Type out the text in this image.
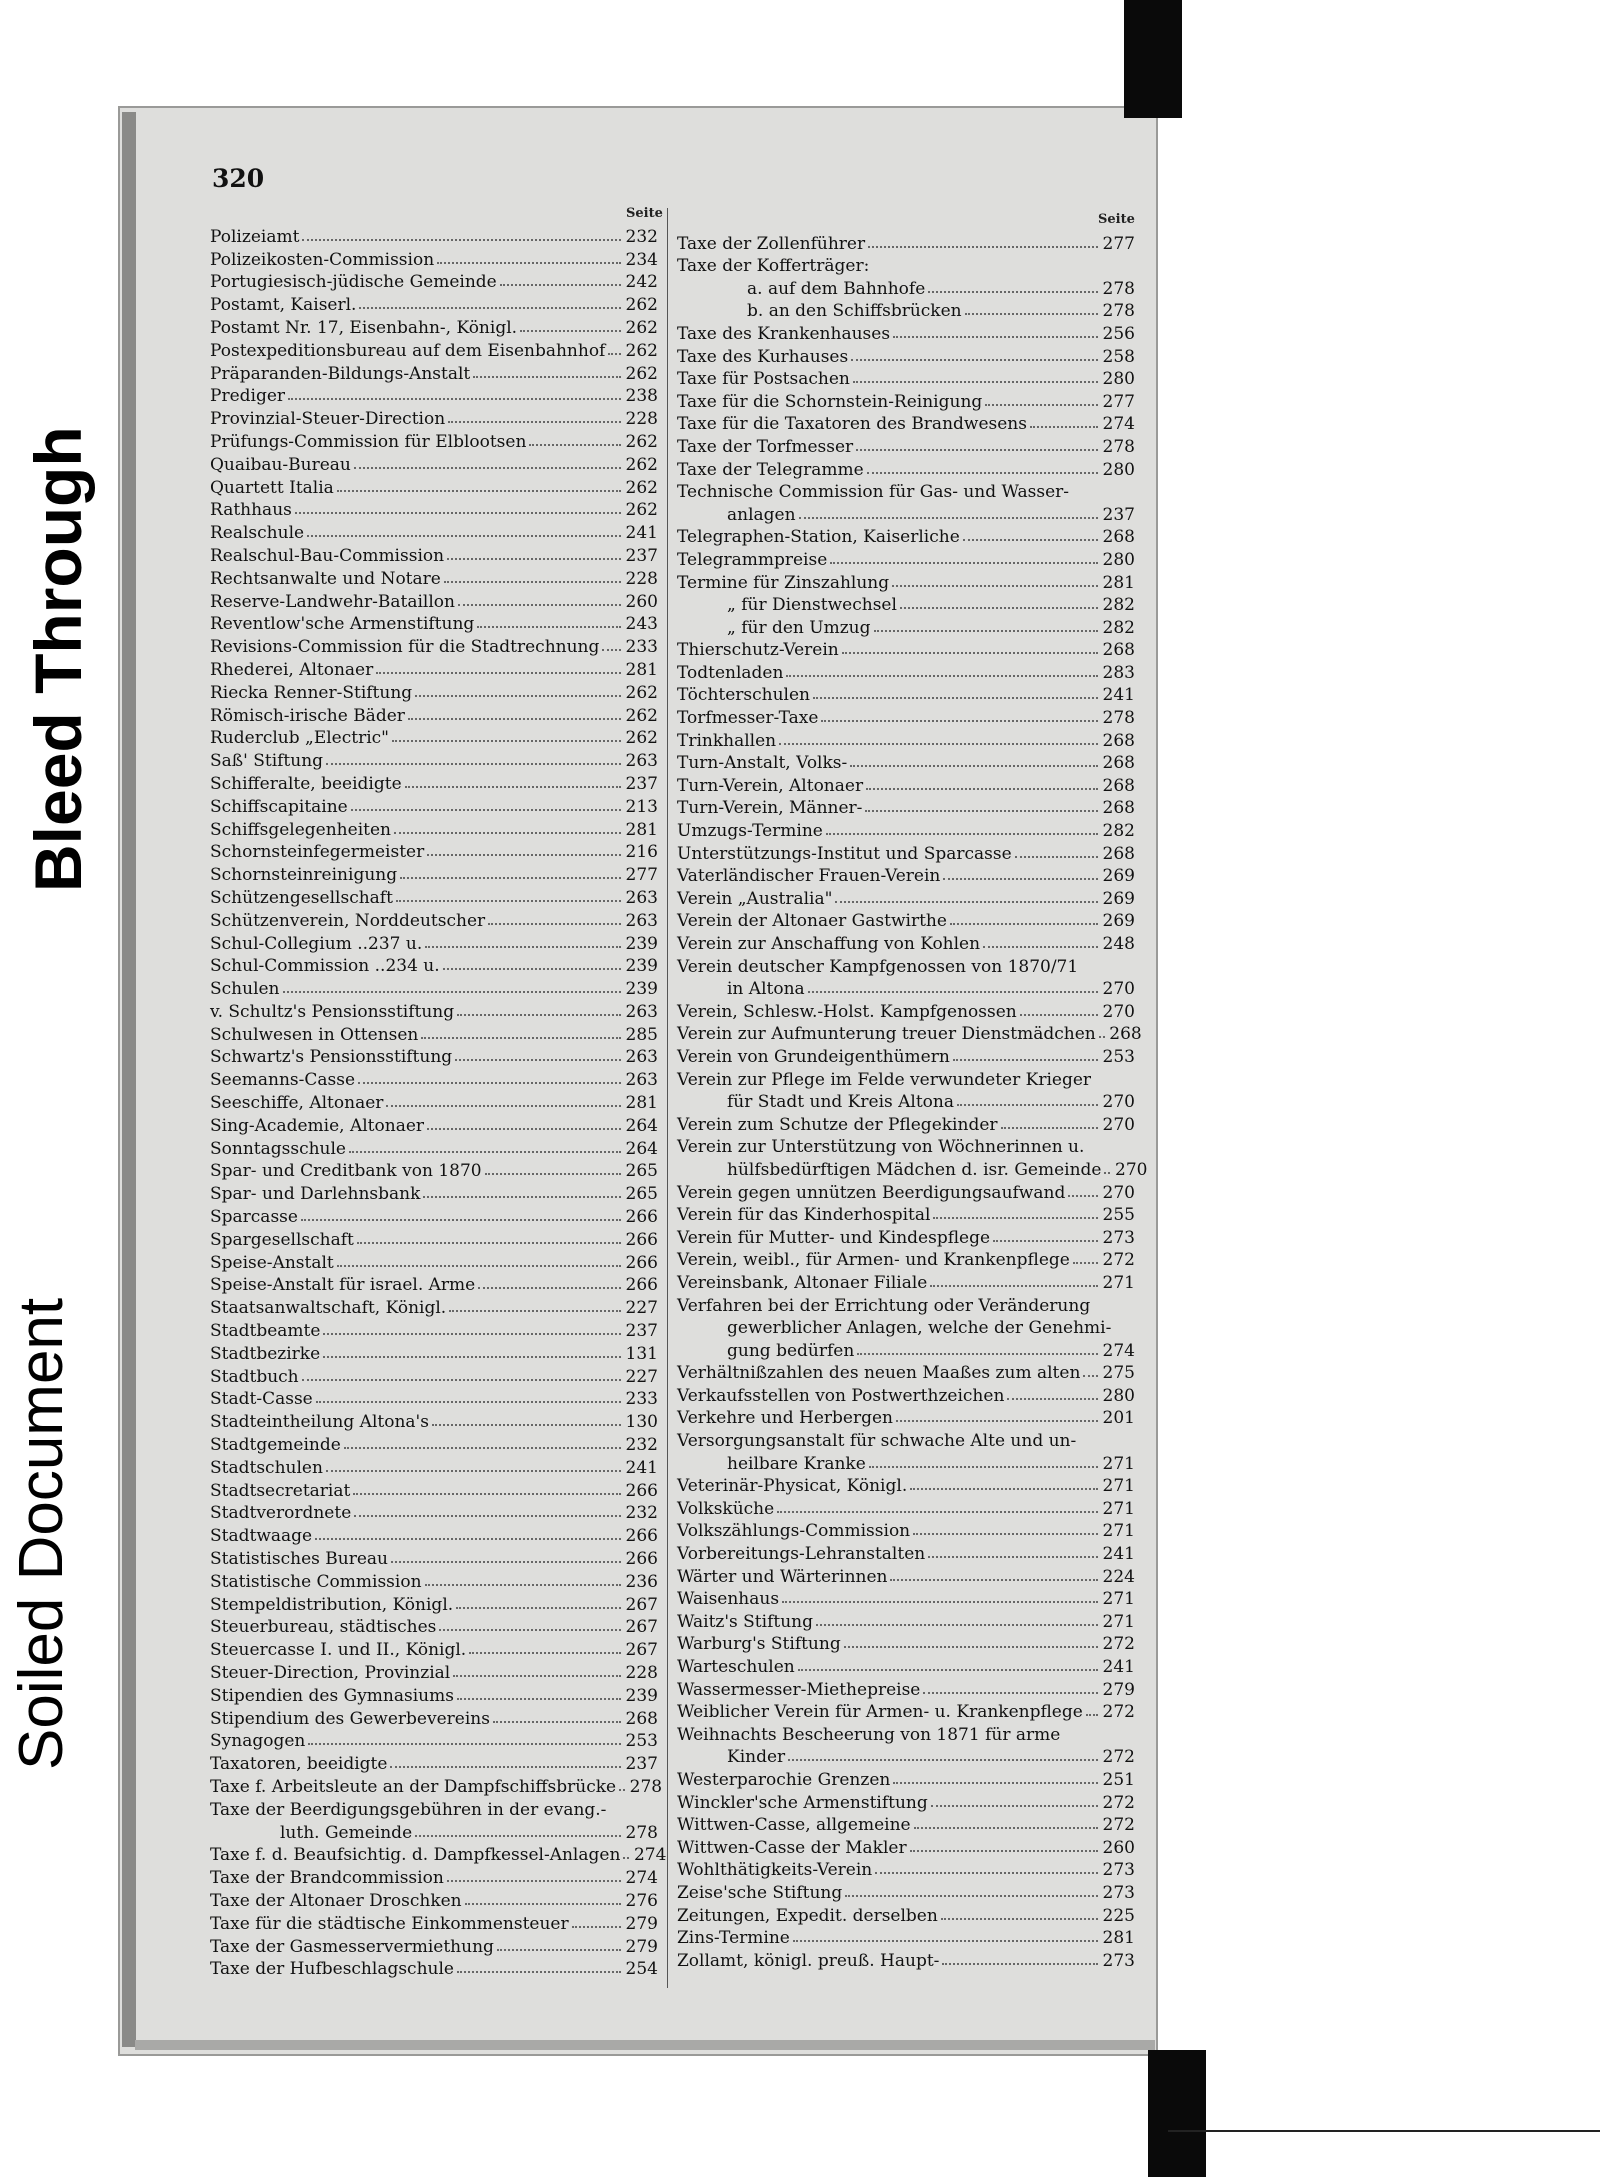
Bleed Through
Soiled Document
320
Seite	Seite
Polizeiamt	232
Polizeikosten-Commission	234
Portugiesisch-jüdische Gemeinde	242
Postamt, Kaiserl.	262
Postamt Nr. 17, Eisenbahn-, Königl.	262
Postexpeditionsbureau auf dem Eisenbahnhof 262
Präparanden-Bildungs-Anstalt	262
Prediger	238
Provinzial-Steuer-Direction	228
Prüfungs-Commission für Elblootsen	262
Quaibau-Bureau	262
Quartett Italia	262
Rathhaus	262
Realschule	241
Realschul-Bau-Commission	237
Rechtsanwalte und Notare	228
Reserve-Landwehr-Bataillon	260
Reventlow'sche Armenstiftung	243
Revisions-Commission für die Stadtrechnung 233
Rhederei, Altonaer	281
Riecka Renner-Stiftung	262
Römisch-irische Bäder	262
Ruderclub „Electric"	262
Saß' Stiftung	263
Schifferalte, beeidigte	237
Schiffscapitaine	213
Schiffsgelegenheiten	281
Schornsteinfegermeister	216
Schornsteinreinigung	277
Schützengesellschaft	263
Schützenverein, Norddeutscher	263
Schul-Collegium ..237 u.	239
Schul-Commission ..234 u.	239
Schulen	239
v. Schultz's Pensionsstiftung	263
Schulwesen in Ottensen	285
Schwartz's Pensionsstiftung	263
Seemanns-Casse	263
Seeschiffe, Altonaer	281
Sing-Academie, Altonaer	264
Sonntagsschule	264
Spar- und Creditbank von 1870	265
Spar- und Darlehnsbank	265
Sparcasse	266
Spargesellschaft	266
Speise-Anstalt	266
Speise-Anstalt für israel. Arme	266
Staatsanwaltschaft, Königl.	227
Stadtbeamte	237
Stadtbezirke	131
Stadtbuch	227
Stadt-Casse	233
Stadteintheilung Altona's	130
Stadtgemeinde	232
Stadtschulen	241
Stadtsecretariat	266
Stadtverordnete	232
Stadtwaage	266
Statistisches Bureau	266
Statistische Commission	236
Stempeldistribution, Königl.	267
Steuerbureau, städtisches	267
Steuercasse I. und II., Königl.	267
Steuer-Direction, Provinzial	228
Stipendien des Gymnasiums	239
Stipendium des Gewerbevereins	268
Synagogen	253
Taxatoren, beeidigte	237
Taxe f. Arbeitsleute an der Dampfschiffsbrücke 278
Taxe der Beerdigungsgebühren in der evang.-
luth. Gemeinde	278
Taxe f. d. Beaufsichtig. d. Dampfkessel-Anlagen 274
Taxe der Brandcommission	274
Taxe der Altonaer Droschken	276
Taxe für die städtische Einkommensteuer	279
Taxe der Gasmesservermiethung	279
Taxe der Hufbeschlagschule	254
Taxe der Zollenführer	277
Taxe der Kofferträger:
a. auf dem Bahnhofe	278
b. an den Schiffsbrücken	278
Taxe des Krankenhauses	256
Taxe des Kurhauses	258
Taxe für Postsachen	280
Taxe für die Schornstein-Reinigung	277
Taxe für die Taxatoren des Brandwesens	274
Taxe der Torfmesser	278
Taxe der Telegramme	280
Technische Commission für Gas- und Wasser-
anlagen	237
Telegraphen-Station, Kaiserliche	268
Telegrammpreise	280
Termine für Zinszahlung	281
„ für Dienstwechsel	282
„ für den Umzug	282
Thierschutz-Verein	268
Todtenladen	283
Töchterschulen	241
Torfmesser-Taxe	278
Trinkhallen	268
Turn-Anstalt, Volks-	268
Turn-Verein, Altonaer	268
Turn-Verein, Männer-	268
Umzugs-Termine	282
Unterstützungs-Institut und Sparcasse	268
Vaterländischer Frauen-Verein	269
Verein „Australia"	269
Verein der Altonaer Gastwirthe	269
Verein zur Anschaffung von Kohlen	248
Verein deutscher Kampfgenossen von 1870/71
in Altona	270
Verein, Schlesw.-Holst. Kampfgenossen	270
Verein zur Aufmunterung treuer Dienstmädchen 268
Verein von Grundeigenthümern	253
Verein zur Pflege im Felde verwundeter Krieger
für Stadt und Kreis Altona	270
Verein zum Schutze der Pflegekinder	270
Verein zur Unterstützung von Wöchnerinnen u.
hülfsbedürftigen Mädchen d. isr. Gemeinde 270
Verein gegen unnützen Beerdigungsaufwand 270
Verein für das Kinderhospital	255
Verein für Mutter- und Kindespflege	273
Verein, weibl., für Armen- und Krankenpflege 272
Vereinsbank, Altonaer Filiale	271
Verfahren bei der Errichtung oder Veränderung
gewerblicher Anlagen, welche der Genehmi-
gung bedürfen	274
Verhältnißzahlen des neuen Maaßes zum alten 275
Verkaufsstellen von Postwerthzeichen	280
Verkehre und Herbergen	201
Versorgungsanstalt für schwache Alte und un-
heilbare Kranke	271
Veterinär-Physicat, Königl.	271
Volksküche	271
Volkszählungs-Commission	271
Vorbereitungs-Lehranstalten	241
Wärter und Wärterinnen	224
Waisenhaus	271
Waitz's Stiftung	271
Warburg's Stiftung	272
Warteschulen	241
Wassermesser-Miethepreise	279
Weiblicher Verein für Armen- u. Krankenpflege 272
Weihnachts Bescheerung von 1871 für arme
Kinder	272
Westerparochie Grenzen	251
Winckler'sche Armenstiftung	272
Wittwen-Casse, allgemeine	272
Wittwen-Casse der Makler	260
Wohlthätigkeits-Verein	273
Zeise'sche Stiftung	273
Zeitungen, Expedit. derselben	225
Zins-Termine	281
Zollamt, königl. preuß. Haupt-	273
